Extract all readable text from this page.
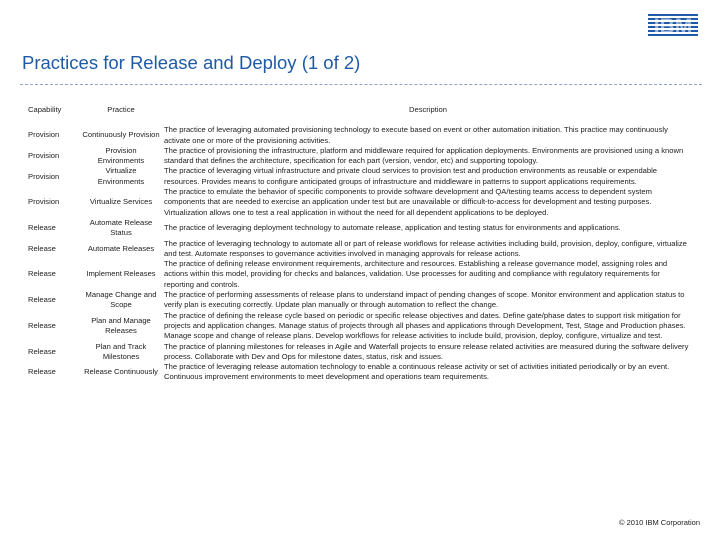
IBM
Practices for Release and Deploy (1 of 2)
Capability	Practice	Description
Provision	Continuously Provision	The practice of leveraging automated provisioning technology to execute based on event or other automation initiation. This practice may continuously activate one or more of the provisioning activities.
Provision	Provision Environments	The practice of provisioning the infrastructure, platform and middleware required for application deployments. Environments are provisioned using a known standard that defines the architecture, specification for each part (version, vendor, etc) and supporting topology.
Provision	Virtualize Environments	The practice of leveraging virtual infrastructure and private cloud services to provision test and production environments as reusable or expendable resources. Provides means to configure anticipated groups of infrastructure and middleware in patterns to support applications requirements.
Provision	Virtualize Services	The practice to emulate the behavior of specific components to provide software development and QA/testing teams access to dependent system components that are needed to exercise an application under test but are unavailable or difficult-to-access for development and testing purposes. Virtualization allows one to test a real application in without the need for all dependent applications to be deployed.
Release	Automate Release Status	The practice of leveraging deployment technology to automate release, application and testing status for environments and applications.
Release	Automate Releases	The practice of leveraging technology to automate all or part of release workflows for release activities including build, provision, deploy, configure, virtualize and test. Automate responses to governance activities involved in managing approvals for release actions.
Release	Implement Releases	The practice of defining release environment requirements, architecture and resources. Establishing a release governance model, assigning roles and actions within this model, providing for checks and balances, validation. Use processes for auditing and compliance with regulatory requirements for reporting and controls.
Release	Manage Change and Scope	The practice of performing assessments of release plans to understand impact of pending changes of scope. Monitor environment and application status to verify plan is executing correctly. Update plan manually or through automation to reflect the change.
Release	Plan and Manage Releases	The practice of defining the release cycle based on periodic or specific release objectives and dates. Define gate/phase dates to support risk mitigation for projects and application changes. Manage status of projects through all phases and applications through Development, Test, Stage and Production phases. Manage scope and change of release plans. Develop workflows for release activities to include build, provision, deploy, configure, virtualize and test.
Release	Plan and Track Milestones	The practice of planning milestones for releases in Agile and Waterfall projects to ensure release related activities are measured during the software delivery process. Collaborate with Dev and Ops for milestone dates, status, risk and issues.
Release	Release Continuously	The practice of leveraging release automation technology to enable a continuous release activity or set of activities initiated periodically or by an event. Continuous improvement environments to meet development and operations team requirements.
© 2010 IBM Corporation
